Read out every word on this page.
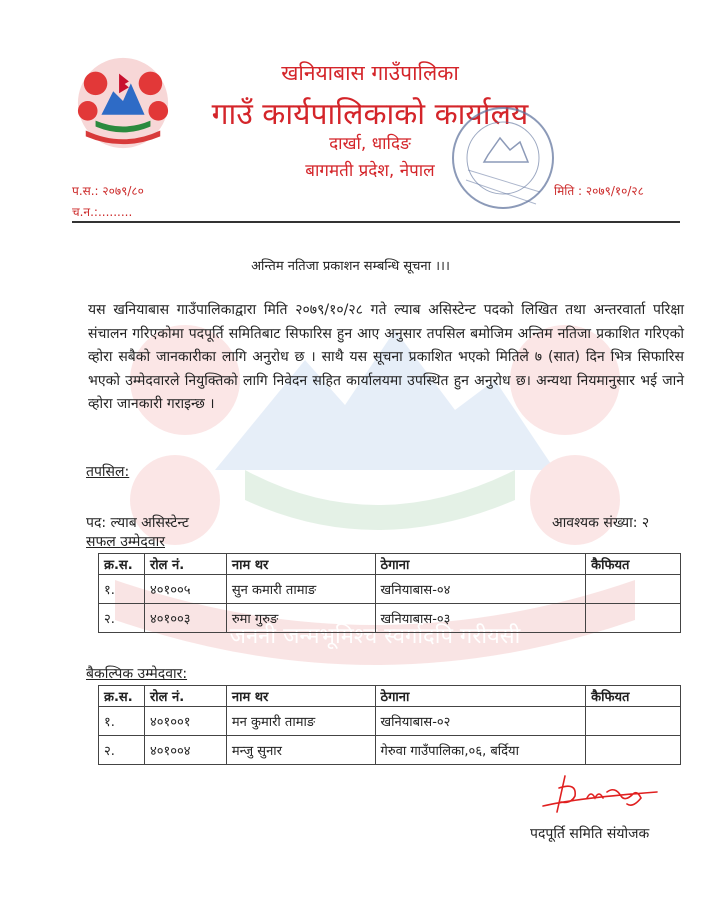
जननी जन्मभूमिश्च स्वर्गादपि गरीयसी
खनियाबास गाउँपालिका
गाउँ कार्यपालिकाको कार्यालय
दार्खा, धादिङ
बागमती प्रदेश, नेपाल
प.स.: २०७९/८०
च.न.:.........
मिति : २०७९/१०/२८
अन्तिम नतिजा प्रकाशन सम्बन्धि सूचना ।।।
यस खनियाबास गाउँपालिकाद्वारा मिति २०७९/१०/२८ गते ल्याब असिस्टेन्ट पदको लिखित तथा अन्तरवार्ता परिक्षा संचालन गरिएकोमा पदपूर्ति समितिबाट सिफारिस हुन आए अनुसार तपसिल बमोजिम अन्तिम नतिजा प्रकाशित गरिएको व्होरा सबैको जानकारीका लागि अनुरोध छ । साथै यस सूचना प्रकाशित भएको मितिले ७ (सात) दिन भित्र सिफारिस भएको उम्मेदवारले नियुक्तिको लागि निवेदन सहित कार्यालयमा उपस्थित हुन अनुरोध छ। अन्यथा नियमानुसार भई जाने व्होरा जानकारी गराइन्छ ।
तपसिल:
पद: ल्याब असिस्टेन्ट	आवश्यक संख्या: २
सफल उम्मेदवार
क्र.स.	रोल नं.	नाम थर	ठेगाना	कैफियत
१.	४०१००५	सुन कमारी तामाङ	खनियाबास-०४	
२.	४०१००३	रुमा गुरुङ	खनियाबास-०३	
बैकल्पिक उम्मेदवार:
क्र.स.	रोल नं.	नाम थर	ठेगाना	कैफियत
१.	४०१००१	मन कुमारी तामाङ	खनियाबास-०२	
२.	४०१००४	मन्जु सुनार	गेरुवा गाउँपालिका,०६, बर्दिया	
पदपूर्ति समिति संयोजक
